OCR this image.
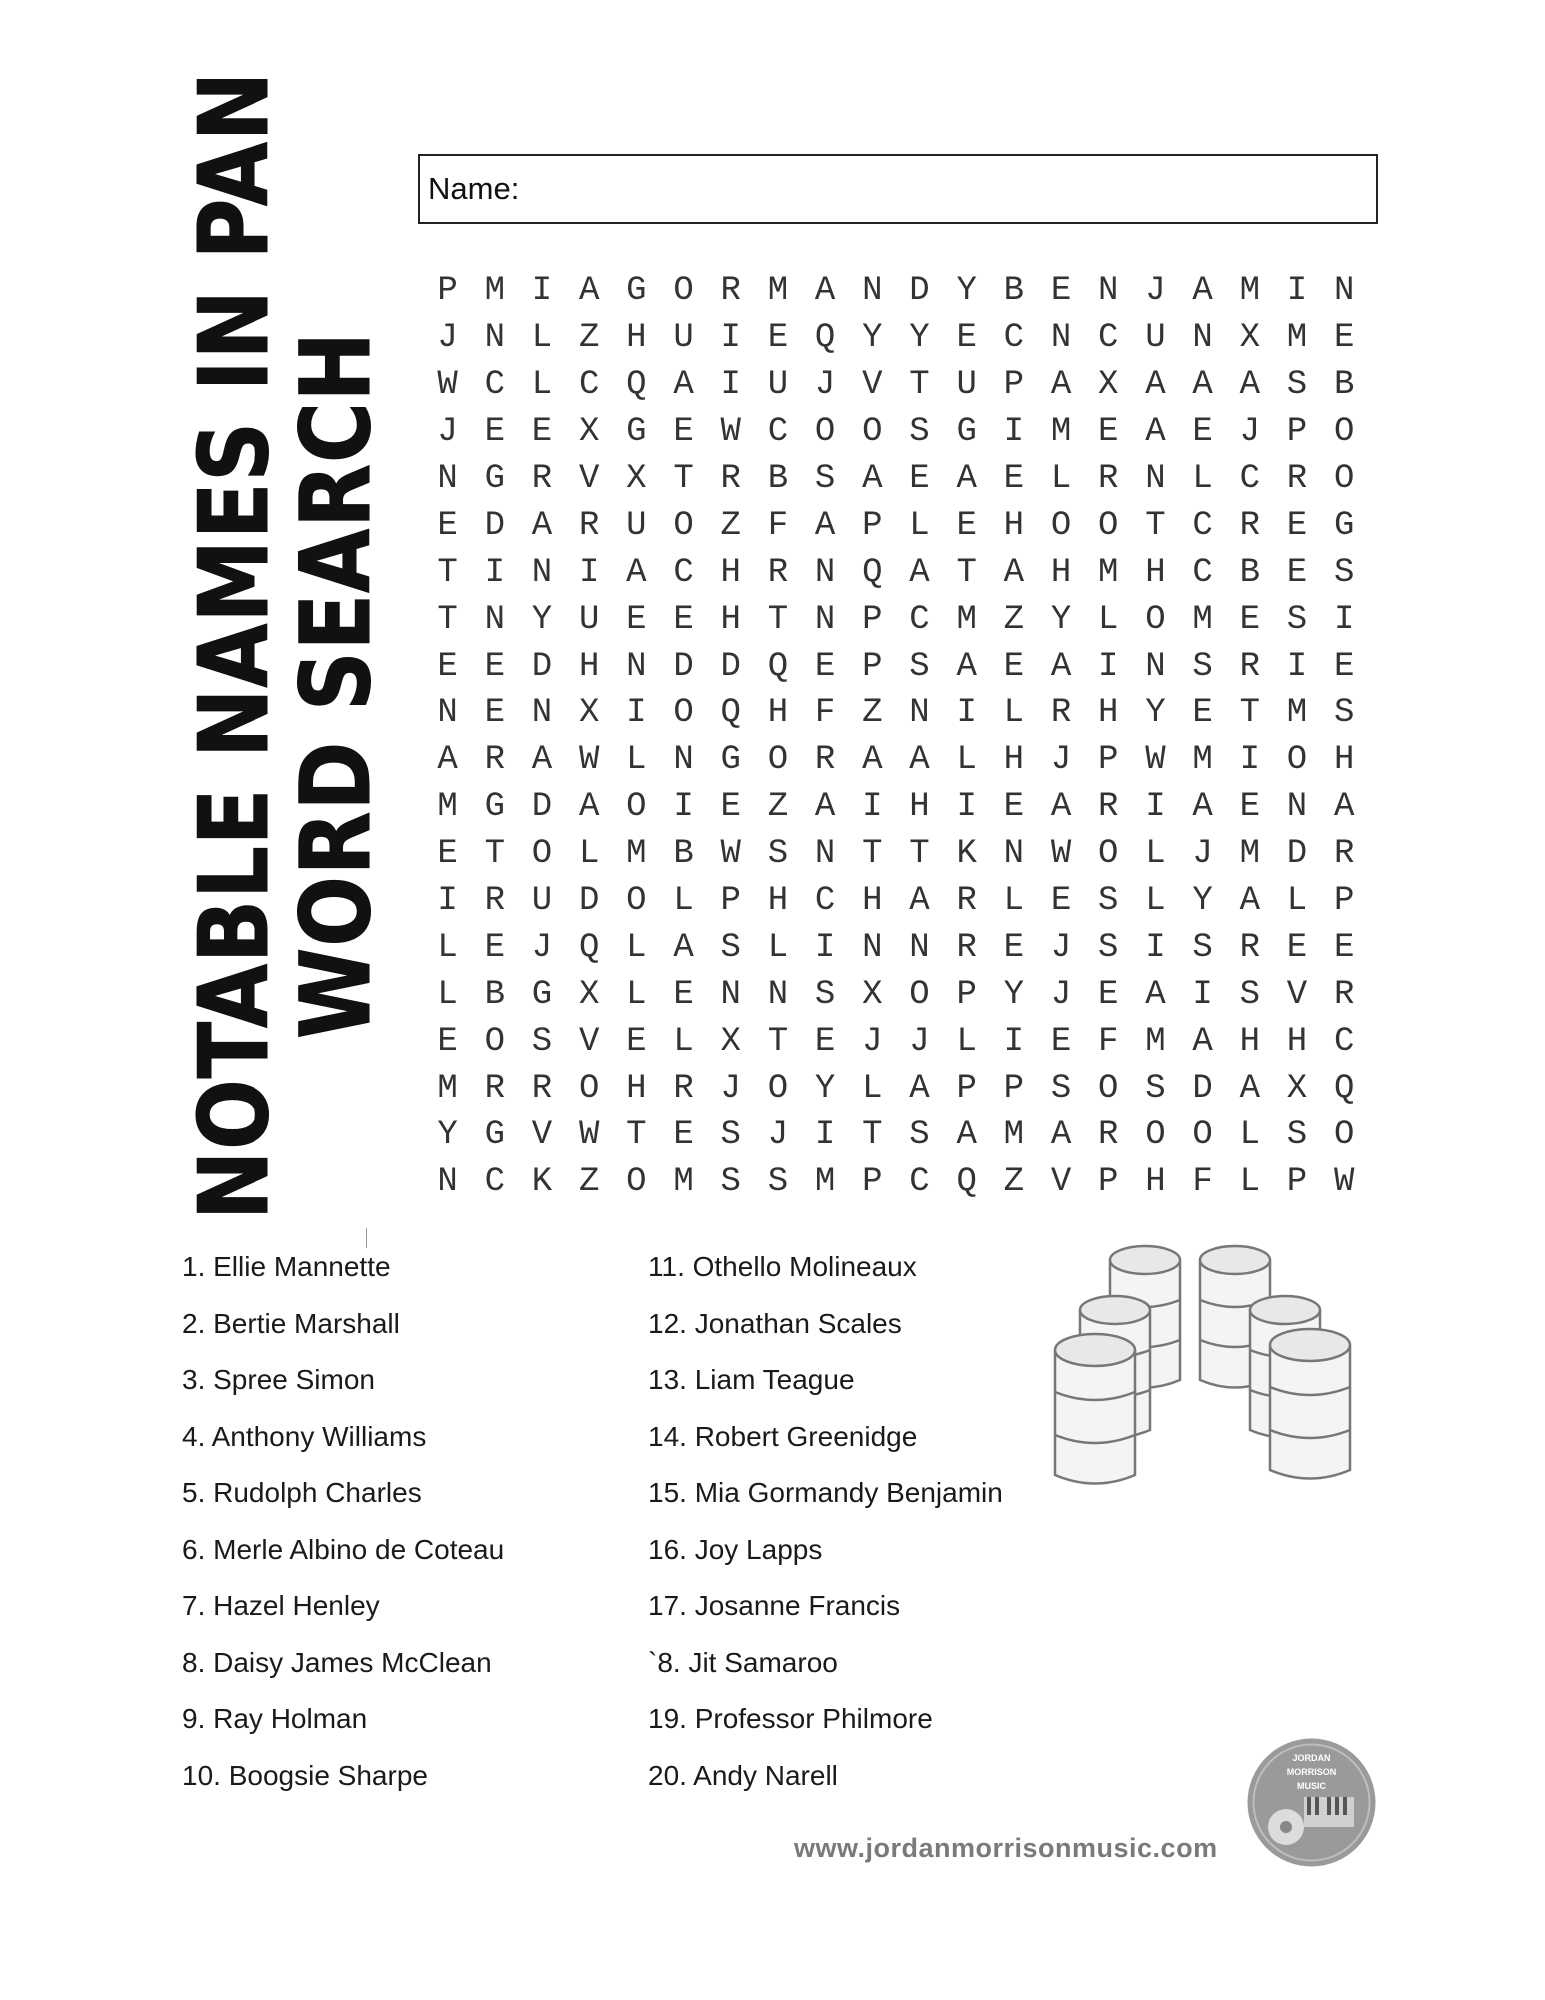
NOTABLE NAMES IN PAN
WORD SEARCH
Name:
P M I A G O R M A N D Y B E N J A M I N
J N L Z H U I E Q Y Y E C N C U N X M E
W C L C Q A I U J V T U P A X A A A S B
J E E X G E W C O O S G I M E A E J P O
N G R V X T R B S A E A E L R N L C R O
E D A R U O Z F A P L E H O O T C R E G
T I N I A C H R N Q A T A H M H C B E S
T N Y U E E H T N P C M Z Y L O M E S I
E E D H N D D Q E P S A E A I N S R I E
N E N X I O Q H F Z N I L R H Y E T M S
A R A W L N G O R A A L H J P W M I O H
M G D A O I E Z A I H I E A R I A E N A
E T O L M B W S N T T K N W O L J M D R
I R U D O L P H C H A R L E S L Y A L P
L E J Q L A S L I N N R E J S I S R E E
L B G X L E N N S X O P Y J E A I S V R
E O S V E L X T E J J L I E F M A H H C
M R R O H R J O Y L A P P S O S D A X Q
Y G V W T E S J I T S A M A R O O L S O
N C K Z O M S S M P C Q Z V P H F L P W
1. Ellie Mannette
2. Bertie Marshall
3. Spree Simon
4. Anthony Williams
5. Rudolph Charles
6. Merle Albino de Coteau
7. Hazel Henley
8. Daisy James McClean
9. Ray Holman
10. Boogsie Sharpe
11. Othello Molineaux
12. Jonathan Scales
13. Liam Teague
14. Robert Greenidge
15. Mia Gormandy Benjamin
16. Joy Lapps
17. Josanne Francis
`8. Jit Samaroo
19. Professor Philmore
20. Andy Narell
JORDAN
MORRISON
MUSIC
www.jordanmorrisonmusic.com
